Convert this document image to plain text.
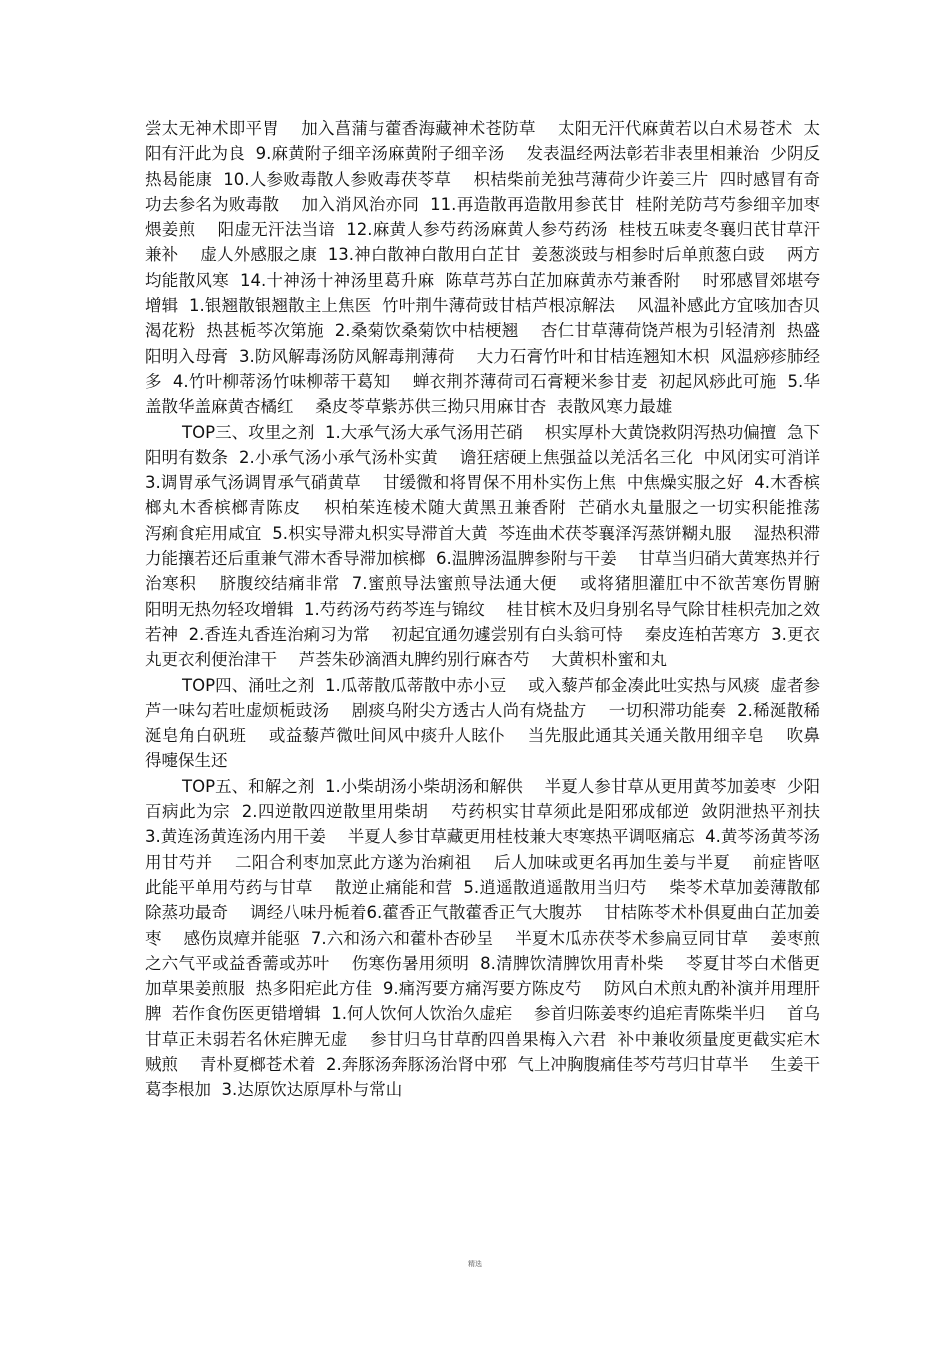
尝太无神术即平胃　 加入菖蒲与藿香海藏神术苍防草　 太阳无汗代麻黄若以白术易苍术  太阳有汗此为良  9.麻黄附子细辛汤麻黄附子细辛汤　 发表温经两法彰若非表里相兼治  少阴反热曷能康  10.人参败毒散人参败毒茯苓草　 枳桔柴前羌独芎薄荷少许姜三片  四时感冒有奇功去参名为败毒散　 加入消风治亦同  11.再造散再造散用参芪甘  桂附羌防芎芍参细辛加枣煨姜煎　 阳虚无汗法当谙  12.麻黄人参芍药汤麻黄人参芍药汤  桂枝五味麦冬襄归芪甘草汗兼补　 虚人外感服之康  13.神白散神白散用白芷甘  姜葱淡豉与相参时后单煎葱白豉　 两方均能散风寒  14.十神汤十神汤里葛升麻  陈草芎苏白芷加麻黄赤芍兼香附　 时邪感冒郊堪夸增辑  1.银翘散银翘散主上焦医  竹叶荆牛薄荷豉甘桔芦根凉解法　 风温补感此方宜咳加杏贝渴花粉  热甚栀芩次第施  2.桑菊饮桑菊饮中桔梗翘　 杏仁甘草薄荷饶芦根为引轻清剂  热盛阳明入母膏  3.防风解毒汤防风解毒荆薄荷　 大力石膏竹叶和甘桔连翘知木枳  风温痧疹肺经多  4.竹叶柳蒂汤竹味柳蒂干葛知　 蝉衣荆芥薄荷司石膏粳米参甘麦  初起风痧此可施  5.华盖散华盖麻黄杏橘红　 桑皮苓草紫苏供三拗只用麻甘杏  表散风寒力最雄

TOP三、攻里之剂  1.大承气汤大承气汤用芒硝　 枳实厚朴大黄饶救阴泻热功偏擅  急下阳明有数条  2.小承气汤小承气汤朴实黄　 谵狂痞硬上焦强益以羌活名三化  中风闭实可消详  3.调胃承气汤调胃承气硝黄草　 甘缓微和将胃保不用朴实伤上焦  中焦燥实服之好  4.木香槟榔丸木香槟榔青陈皮　 枳柏茱连棱术随大黄黑丑兼香附  芒硝水丸量服之一切实积能推荡　 泻痢食疟用咸宜  5.枳实导滞丸枳实导滞首大黄  芩连曲术茯苓襄泽泻蒸饼糊丸服　 湿热积滞力能攘若还后重兼气滞木香导滞加槟榔  6.温脾汤温脾参附与干姜　 甘草当归硝大黄寒热并行治寒积　 脐腹绞结痛非常  7.蜜煎导法蜜煎导法通大便　 或将猪胆灌肛中不欲苦寒伤胃腑　 阳明无热勿轻攻增辑  1.芍药汤芍药芩连与锦纹　 桂甘槟木及归身别名导气除甘桂枳壳加之效若神  2.香连丸香连治痢习为常　 初起宜通勿遽尝别有白头翁可恃　 秦皮连柏苦寒方  3.更衣丸更衣利便治津干　 芦荟朱砂滴酒丸脾约别行麻杏芍　 大黄枳朴蜜和丸

TOP四、涌吐之剂  1.瓜蒂散瓜蒂散中赤小豆　 或入藜芦郁金凑此吐实热与风痰  虚者参芦一味勾若吐虚烦栀豉汤　 剧痰乌附尖方透古人尚有烧盐方　 一切积滞功能奏  2.稀涎散稀涎皂角白矾班　 或益藜芦微吐间风中痰升人眩仆　 当先服此通其关通关散用细辛皂　 吹鼻得嚏保生还

TOP五、和解之剂  1.小柴胡汤小柴胡汤和解供　 半夏人参甘草从更用黄芩加姜枣  少阳百病此为宗  2.四逆散四逆散里用柴胡　 芍药枳实甘草须此是阳邪成郁逆  敛阴泄热平剂扶  3.黄连汤黄连汤内用干姜　 半夏人参甘草藏更用桂枝兼大枣寒热平调呕痛忘  4.黄芩汤黄芩汤用甘芍并　 二阳合利枣加烹此方遂为治痢祖　 后人加味或更名再加生姜与半夏　 前症皆呕此能平单用芍药与甘草　 散逆止痛能和营  5.逍遥散逍遥散用当归芍　 柴苓术草加姜薄散郁除蒸功最奇　 调经八味丹栀着6.藿香正气散藿香正气大腹苏　 甘桔陈苓术朴俱夏曲白芷加姜枣　 感伤岚瘴并能驱  7.六和汤六和藿朴杏砂呈　 半夏木瓜赤茯苓术参扁豆同甘草　 姜枣煎之六气平或益香薷或苏叶　 伤寒伤暑用须明  8.清脾饮清脾饮用青朴柴　 苓夏甘芩白术偕更加草果姜煎服  热多阳疟此方佳  9.痛泻要方痛泻要方陈皮芍　 防风白术煎丸酌补演并用理肝脾  若作食伤医更错增辑  1.何人饮何人饮治久虚疟　 参首归陈姜枣约追疟青陈柴半归　 首乌甘草正未弱若名休疟脾无虚　 参甘归乌甘草酌四兽果梅入六君  补中兼收须量度更截实疟木贼煎　 青朴夏榔苍术着  2.奔豚汤奔豚汤治肾中邪  气上冲胸腹痛佳芩芍芎归甘草半　 生姜干葛李根加  3.达原饮达原厚朴与常山

精选
